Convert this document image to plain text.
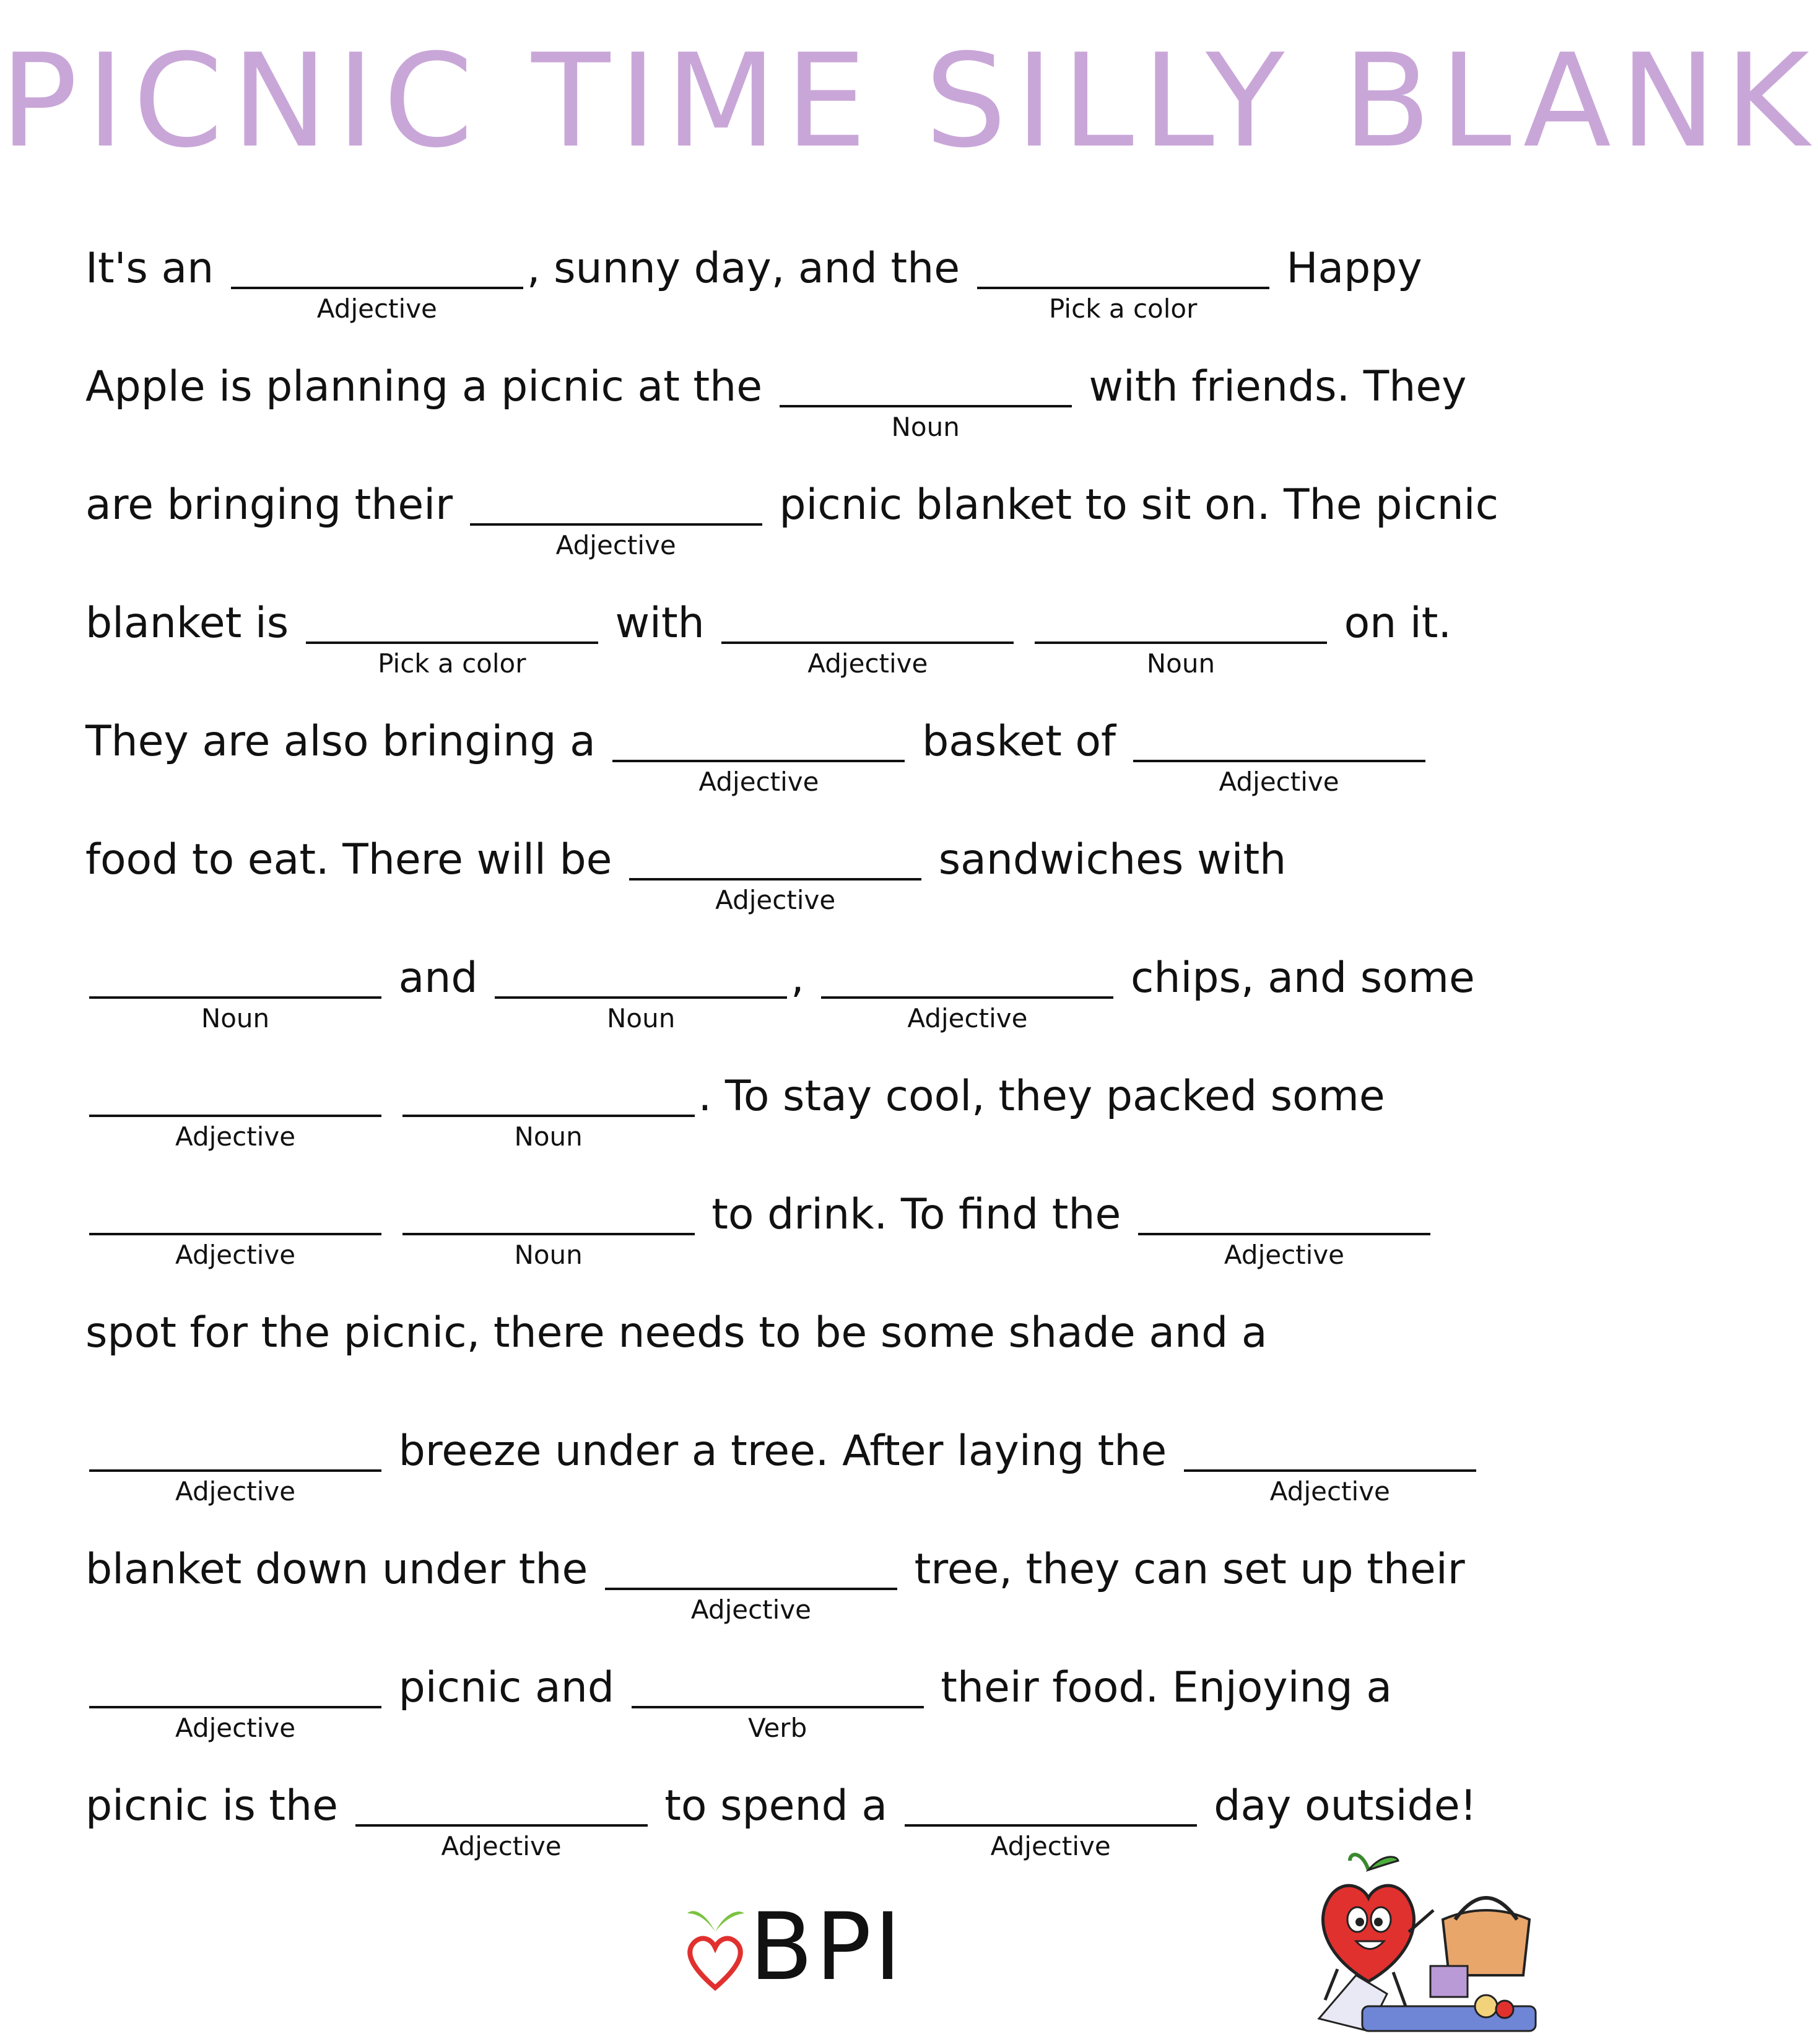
PICNIC TIME SILLY BLANK
It's an
Adjective
, sunny day, and the
Pick a color
Happy
Apple is planning a picnic at the
Noun
with friends. They
are bringing their
Adjective
picnic blanket to sit on. The picnic
blanket is
Pick a color
with
Adjective
	Noun
on it.
They are also bringing a
Adjective
basket of
Adjective
food to eat. There will be
Adjective
sandwiches with
Noun
and
Noun
,
Adjective
chips, and some
Adjective
	Noun
. To stay cool, they packed some
Adjective
	Noun
to drink. To find the
Adjective
spot for the picnic, there needs to be some shade and a
Adjective
breeze under a tree. After laying the
Adjective
blanket down under the
Adjective
tree, they can set up their
Adjective
picnic and
Verb
their food. Enjoying a
picnic is the
Adjective
to spend a
Adjective
day outside!
BPI
